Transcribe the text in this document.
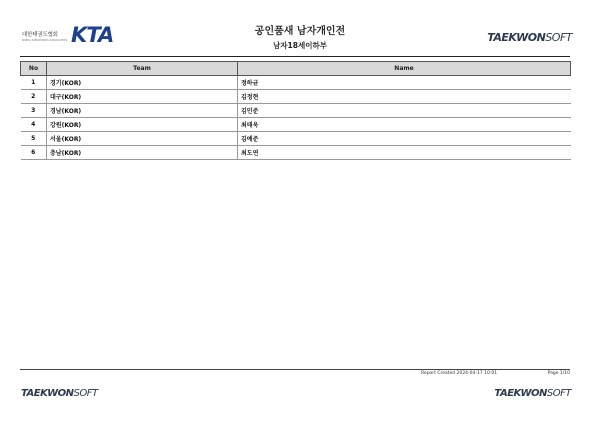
대한태권도협회
KOREA TAEKWONDO ASSOCIATION KTA	공인품새 남자개인전
남자18세이하부
TAEKWONSOFT
No	Team	Name
1	경기(KOR)	정하균
2	대구(KOR)	김정현
3	경남(KOR)	김민준
4	강원(KOR)	최태욱
5	서울(KOR)	김예준
6	충남(KOR)	최도연
Report Created 2024-04-17 10:01	Page 1/10
TAEKWONSOFT	TAEKWONSOFT
